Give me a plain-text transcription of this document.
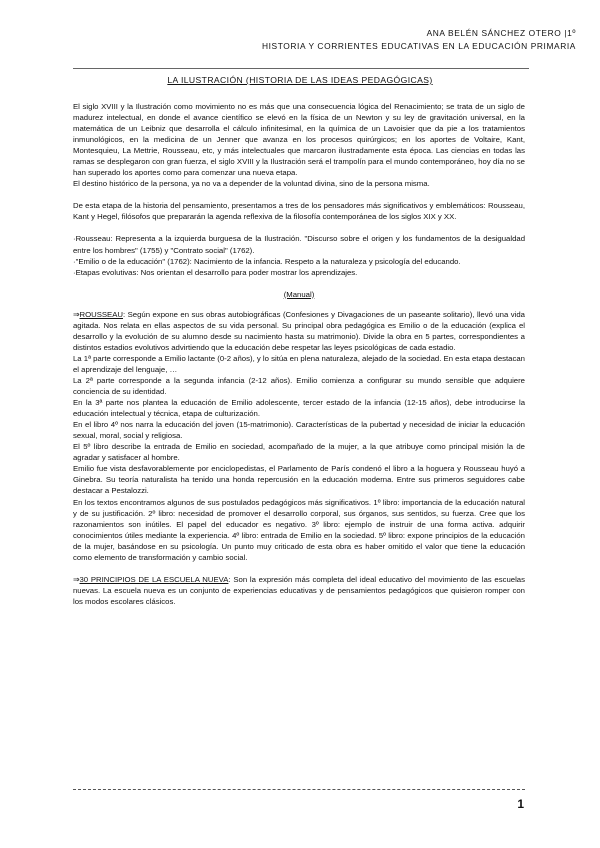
ANA BELÉN SÁNCHEZ OTERO |1º
HISTORIA Y CORRIENTES EDUCATIVAS EN LA EDUCACIÓN PRIMARIA
LA ILUSTRACIÓN (HISTORIA DE LAS IDEAS PEDAGÓGICAS)

El siglo XVIII y la Ilustración como movimiento no es más que una consecuencia lógica del Renacimiento; se trata de un siglo de madurez intelectual, en donde el avance científico se elevó en la física de un Newton y su ley de gravitación universal, en la matemática de un Leibniz que desarrolla el cálculo infinitesimal, en la química de un Lavoisier que da pie a los tratamientos inmunológicos, en la medicina de un Jenner que avanza en los procesos quirúrgicos; en los aportes de Voltaire, Kant, Montesquieu, La Mettrie, Rousseau, etc, y más intelectuales que marcaron ilustradamente esta época. Las ciencias en todas las ramas se desplegaron con gran fuerza, el siglo XVIII y la Ilustración será el trampolín para el mundo contemporáneo, hoy día no se han superado los aportes como para comenzar una nueva etapa.

El destino histórico de la persona, ya no va a depender de la voluntad divina, sino de la persona misma.

De esta etapa de la historia del pensamiento, presentamos a tres de los pensadores más significativos y emblemáticos: Rousseau, Kant y Hegel, filósofos que prepararán la agenda reflexiva de la filosofía contemporánea de los siglos XIX y XX.

·Rousseau: Representa a la izquierda burguesa de la Ilustración. "Discurso sobre el origen y los fundamentos de la desigualdad entre los hombres" (1755) y "Contrato social" (1762).

·"Emilio o de la educación" (1762): Nacimiento de la infancia. Respeto a la naturaleza y psicología del educando.

·Etapas evolutivas: Nos orientan el desarrollo para poder mostrar los aprendizajes.

(Manual)

⇒ROUSSEAU: Según expone en sus obras autobiográficas (Confesiones y Divagaciones de un paseante solitario), llevó una vida agitada. Nos relata en ellas aspectos de su vida personal. Su principal obra pedagógica es Emilio o de la educación (explica el desarrollo y la evolución de su alumno desde su nacimiento hasta su matrimonio). Divide la obra en 5 partes, correspondientes a distintos estadios evolutivos advirtiendo que la educación debe respetar las leyes psicológicas de cada estadio.

La 1ª parte corresponde a Emilio lactante (0-2 años), y lo sitúa en plena naturaleza, alejado de la sociedad. En esta etapa destacan el aprendizaje del lenguaje, …

La 2ª parte corresponde a la segunda infancia (2-12 años). Emilio comienza a configurar su mundo sensible que adquiere conciencia de su identidad.

En la 3ª parte nos plantea la educación de Emilio adolescente, tercer estado de la infancia (12-15 años), debe introducirse la educación intelectual y técnica, etapa de culturización.

En el libro 4º nos narra la educación del joven (15-matrimonio). Características de la pubertad y necesidad de iniciar la educación sexual, moral, social y religiosa.

El 5º libro describe la entrada de Emilio en sociedad, acompañado de la mujer, a la que atribuye como principal misión la de agradar y satisfacer al hombre.

Emilio fue vista desfavorablemente por enciclopedistas, el Parlamento de París condenó el libro a la hoguera y Rousseau huyó a Ginebra. Su teoría naturalista ha tenido una honda repercusión en la educación moderna. Entre sus primeros seguidores cabe destacar a Pestalozzi.

En los textos encontramos algunos de sus postulados pedagógicos más significativos. 1º libro: importancia de la educación natural y de su justificación. 2º libro: necesidad de promover el desarrollo corporal, sus órganos, sus sentidos, su fuerza. Cree que los razonamientos son inútiles. El papel del educador es negativo. 3º libro: ejemplo de instruir de una forma activa. adquirir conocimientos útiles mediante la experiencia. 4º libro: entrada de Emilio en la sociedad. 5º libro: expone principios de la educación de la mujer, basándose en su psicología. Un punto muy criticado de esta obra es haber omitido el valor que tiene la educación como elemento de transformación y cambio social.

⇒30 PRINCIPIOS DE LA ESCUELA NUEVA: Son la expresión más completa del ideal educativo del movimiento de las escuelas nuevas. La escuela nueva es un conjunto de experiencias educativas y de pensamientos pedagógicos que quisieron romper con los modos escolares clásicos.

1
